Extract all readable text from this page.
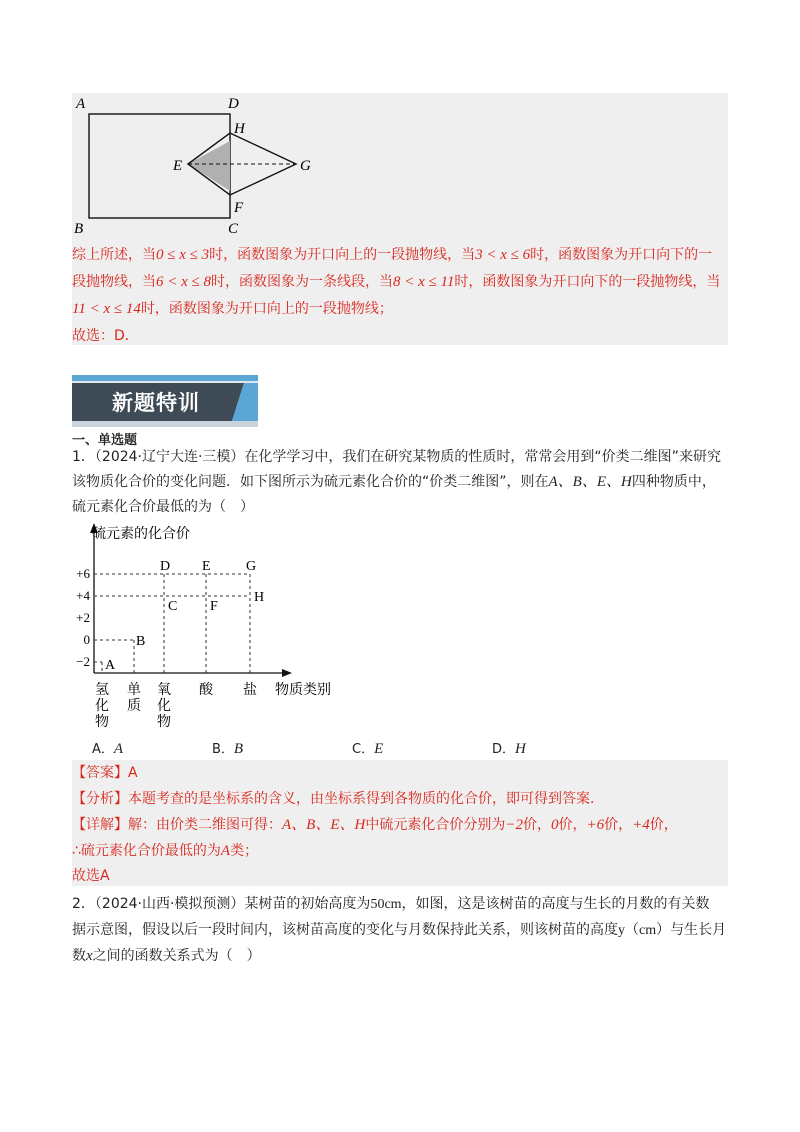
A	D
H
E	G
B
F
C
综上所述，当0 ≤ x ≤ 3时，函数图象为开口向上的一段抛物线，当3 < x ≤ 6时，函数图象为开口向下的一
段抛物线，当6 < x ≤ 8时，函数图象为一条线段，当8 < x ≤ 11时，函数图象为开口向下的一段抛物线，当
11 < x ≤ 14时，函数图象为开口向上的一段抛物线；
故选：D．
新题特训
一、单选题
1．（2024·辽宁大连·三模）在化学学习中，我们在研究某物质的性质时，常常会用到“价类二维图”来研究
该物质化合价的变化问题．如下图所示为硫元素化合价的“价类二维图”，则在A、B、E、H四种物质中，
硫元素化合价最低的为（　）
硫元素的化合价
物质类别
+6
+4
+2
0
−2
氢
化
物
单
质
氧
化
物
酸 盐
A
B
C
D E
F
G
H
A．A	B．B	C．E	D．H
【答案】A
【分析】本题考查的是坐标系的含义，由坐标系得到各物质的化合价，即可得到答案．
【详解】解：由价类二维图可得：A、B、E、H中硫元素化合价分别为−2价，0价，+6价，+4价，
∴硫元素化合价最低的为A类；
故选A
2．（2024·山西·模拟预测）某树苗的初始高度为50cm，如图，这是该树苗的高度与生长的月数的有关数
据示意图，假设以后一段时间内，该树苗高度的变化与月数保持此关系，则该树苗的高度y（cm）与生长月
数x之间的函数关系式为（　）
